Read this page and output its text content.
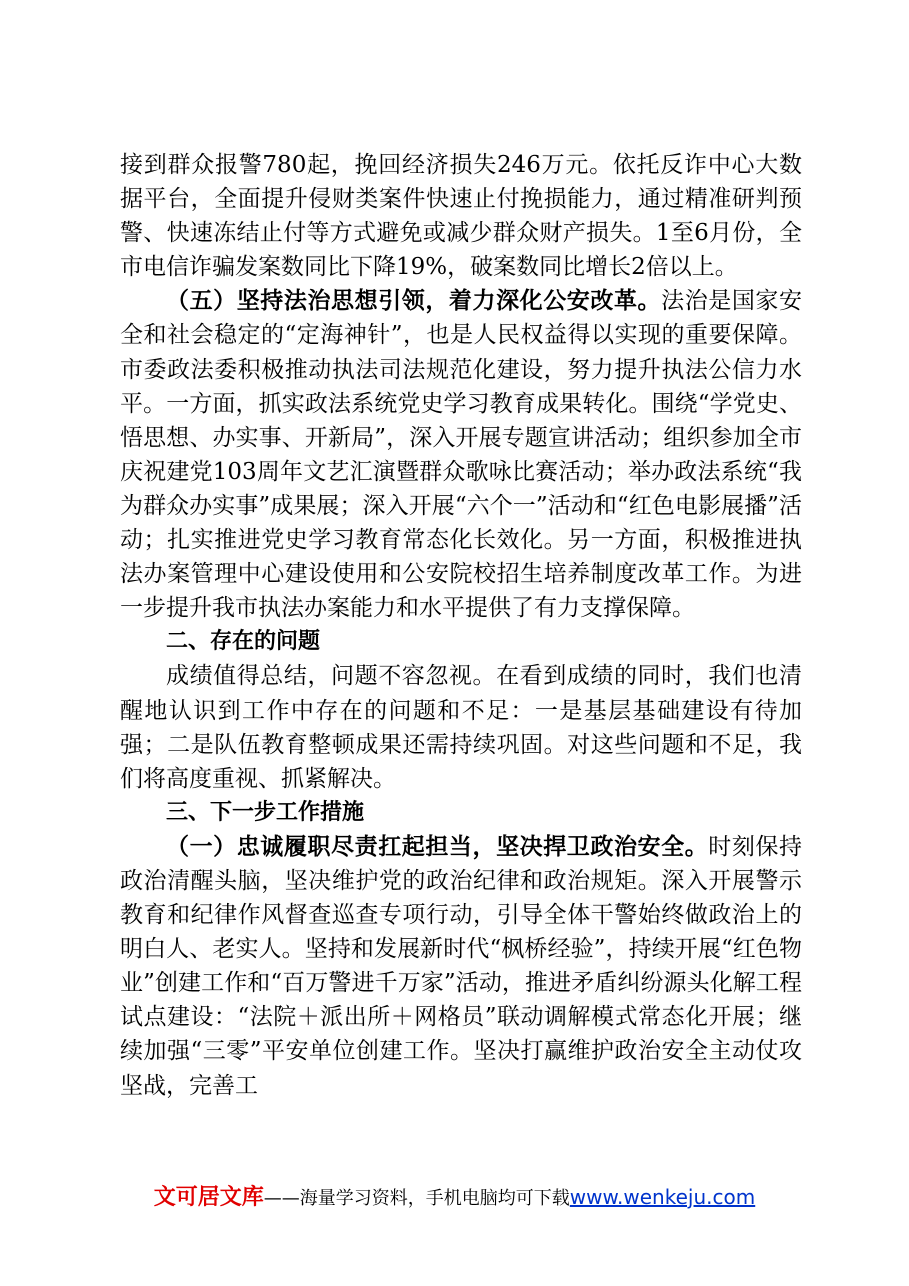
接到群众报警780起，挽回经济损失246万元。依托反诈中心大数据平台，全面提升侵财类案件快速止付挽损能力，通过精准研判预警、快速冻结止付等方式避免或减少群众财产损失。1至6月份，全市电信诈骗发案数同比下降19%，破案数同比增长2倍以上。

（五）坚持法治思想引领，着力深化公安改革。法治是国家安全和社会稳定的“定海神针”，也是人民权益得以实现的重要保障。市委政法委积极推动执法司法规范化建设，努力提升执法公信力水平。一方面，抓实政法系统党史学习教育成果转化。围绕“学党史、悟思想、办实事、开新局”，深入开展专题宣讲活动；组织参加全市庆祝建党103周年文艺汇演暨群众歌咏比赛活动；举办政法系统“我为群众办实事”成果展；深入开展“六个一”活动和“红色电影展播”活动；扎实推进党史学习教育常态化长效化。另一方面，积极推进执法办案管理中心建设使用和公安院校招生培养制度改革工作。为进一步提升我市执法办案能力和水平提供了有力支撑保障。

二、存在的问题

成绩值得总结，问题不容忽视。在看到成绩的同时，我们也清醒地认识到工作中存在的问题和不足：一是基层基础建设有待加强；二是队伍教育整顿成果还需持续巩固。对这些问题和不足，我们将高度重视、抓紧解决。

三、下一步工作措施

（一）忠诚履职尽责扛起担当，坚决捍卫政治安全。时刻保持政治清醒头脑，坚决维护党的政治纪律和政治规矩。深入开展警示教育和纪律作风督查巡查专项行动，引导全体干警始终做政治上的明白人、老实人。坚持和发展新时代“枫桥经验”，持续开展“红色物业”创建工作和“百万警进千万家”活动，推进矛盾纠纷源头化解工程试点建设：“法院＋派出所＋网格员”联动调解模式常态化开展；继续加强“三零”平安单位创建工作。坚决打赢维护政治安全主动仗攻坚战，完善工

文可居文库——海量学习资料，手机电脑均可下载www.wenkeju.com
